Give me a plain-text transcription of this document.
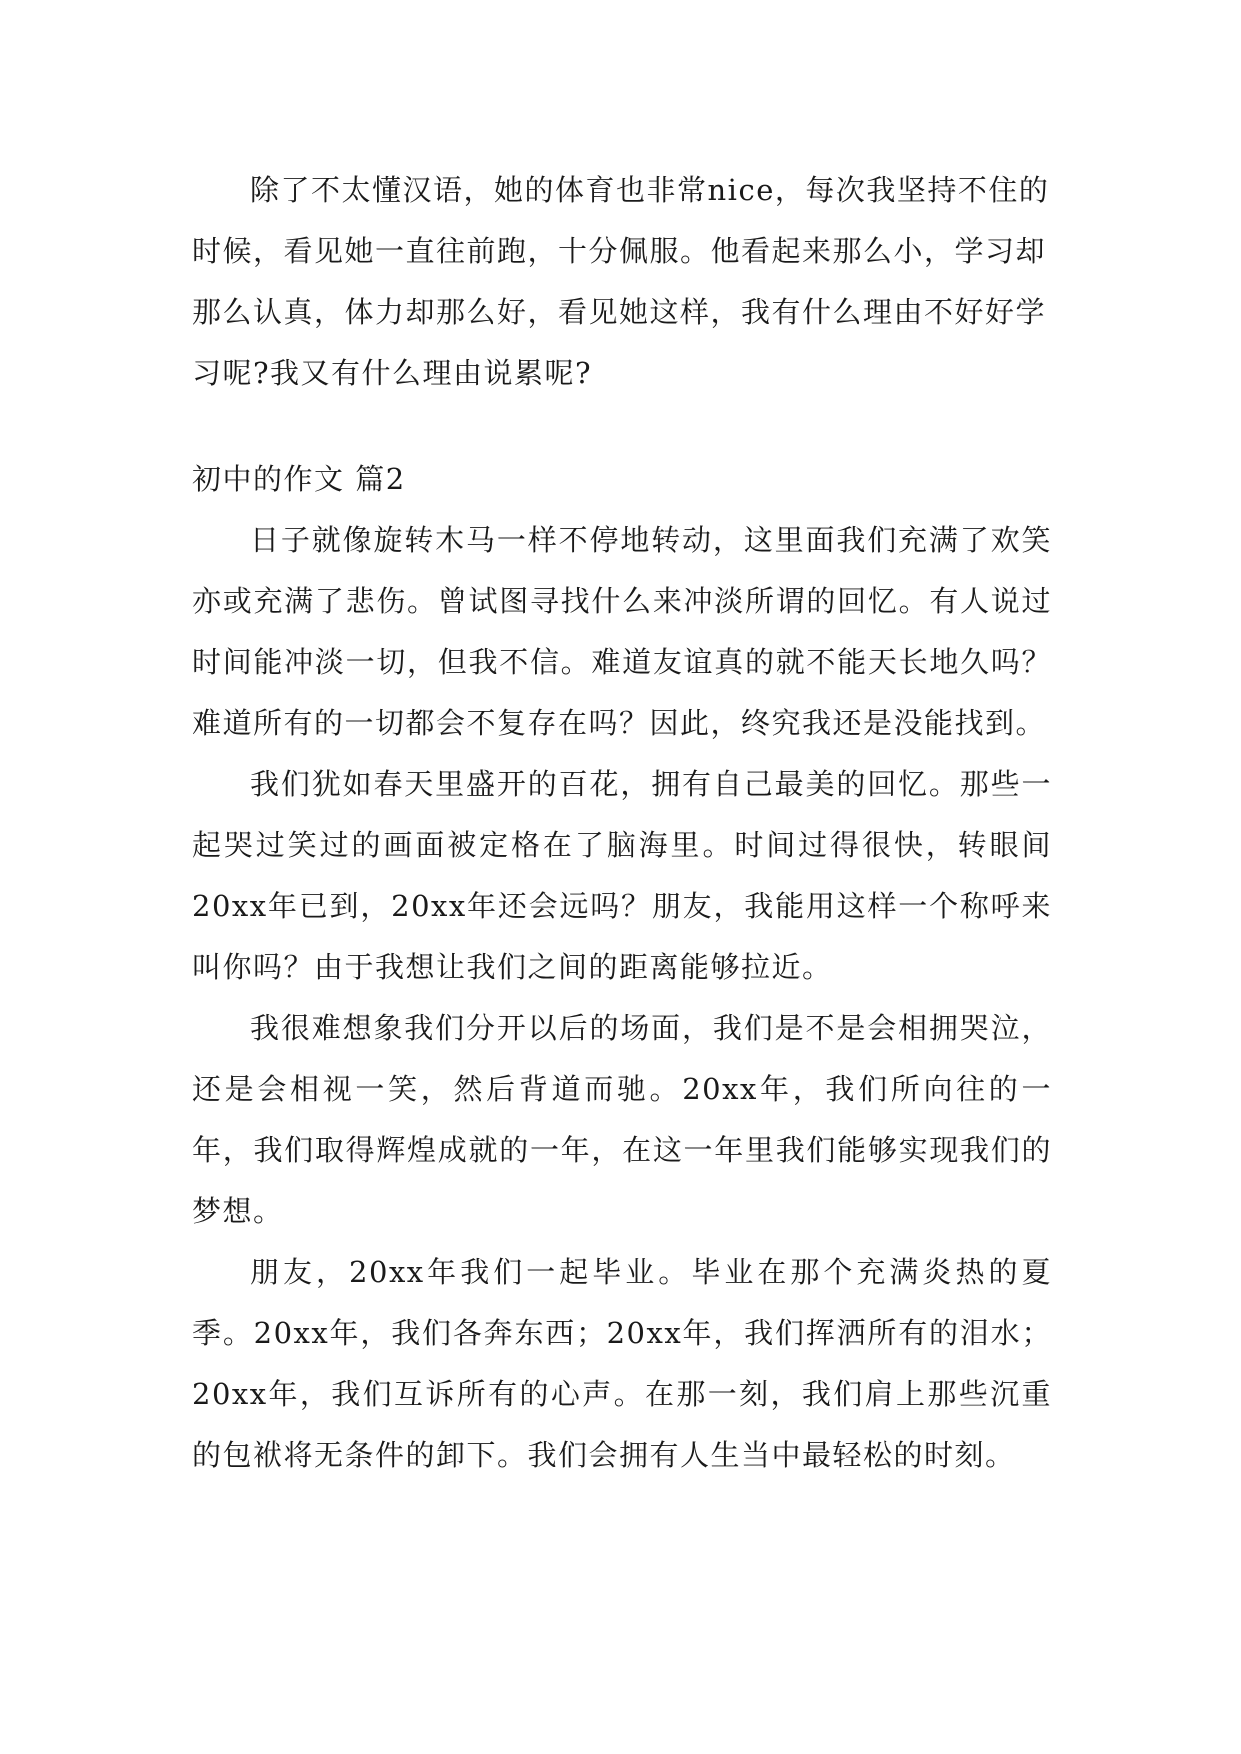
除了不太懂汉语，她的体育也非常nice，每次我坚持不住的时候，看见她一直往前跑，十分佩服。他看起来那么小，学习却那么认真，体力却那么好，看见她这样，我有什么理由不好好学习呢?我又有什么理由说累呢?

初中的作文 篇2

日子就像旋转木马一样不停地转动，这里面我们充满了欢笑亦或充满了悲伤。曾试图寻找什么来冲淡所谓的回忆。有人说过时间能冲淡一切，但我不信。难道友谊真的就不能天长地久吗？难道所有的一切都会不复存在吗？因此，终究我还是没能找到。

我们犹如春天里盛开的百花，拥有自己最美的回忆。那些一起哭过笑过的画面被定格在了脑海里。时间过得很快，转眼间20xx年已到，20xx年还会远吗？朋友，我能用这样一个称呼来叫你吗？由于我想让我们之间的距离能够拉近。

我很难想象我们分开以后的场面，我们是不是会相拥哭泣，还是会相视一笑，然后背道而驰。20xx年，我们所向往的一年，我们取得辉煌成就的一年，在这一年里我们能够实现我们的梦想。

朋友，20xx年我们一起毕业。毕业在那个充满炎热的夏季。20xx年，我们各奔东西；20xx年，我们挥洒所有的泪水；20xx年，我们互诉所有的心声。在那一刻，我们肩上那些沉重的包袱将无条件的卸下。我们会拥有人生当中最轻松的时刻。
